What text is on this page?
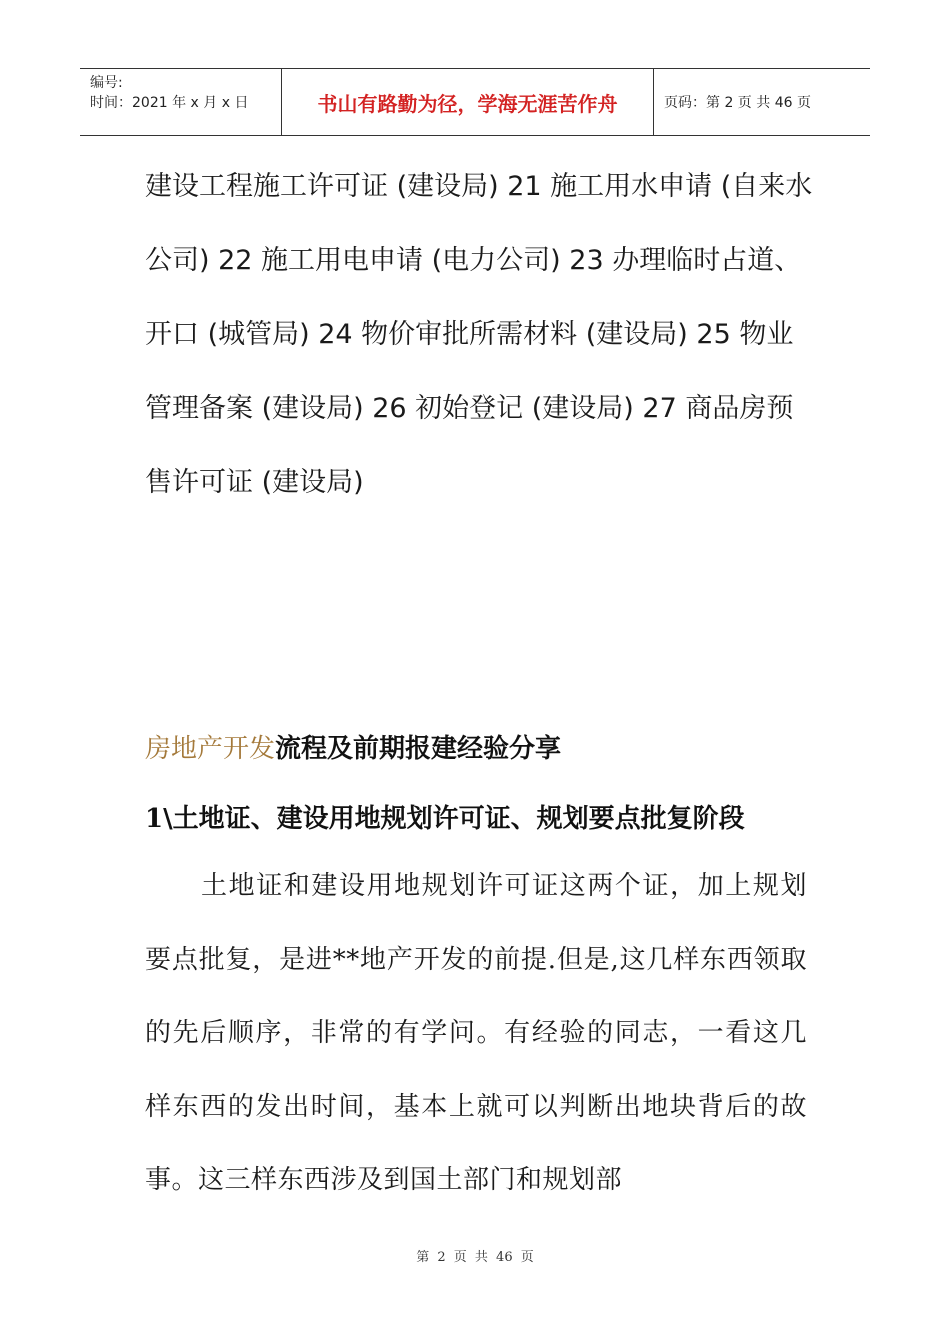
编号:
时间：2021 年 x 月 x 日	书山有路勤为径，学海无涯苦作舟	页码：第 2 页 共 46 页

建设工程施工许可证 (建设局) 21 施工用水申请 (自来水公司) 22 施工用电申请 (电力公司) 23 办理临时占道、开口 (城管局) 24 物价审批所需材料 (建设局) 25 物业管理备案 (建设局) 26 初始登记 (建设局) 27 商品房预售许可证 (建设局)

房地产开发流程及前期报建经验分享
1\土地证、建设用地规划许可证、规划要点批复阶段

土地证和建设用地规划许可证这两个证，加上规划要点批复，是进**地产开发的前提.但是,这几样东西领取的先后顺序，非常的有学问。有经验的同志，一看这几样东西的发出时间，基本上就可以判断出地块背后的故事。这三样东西涉及到国土部门和规划部

第 2 页 共 46 页
